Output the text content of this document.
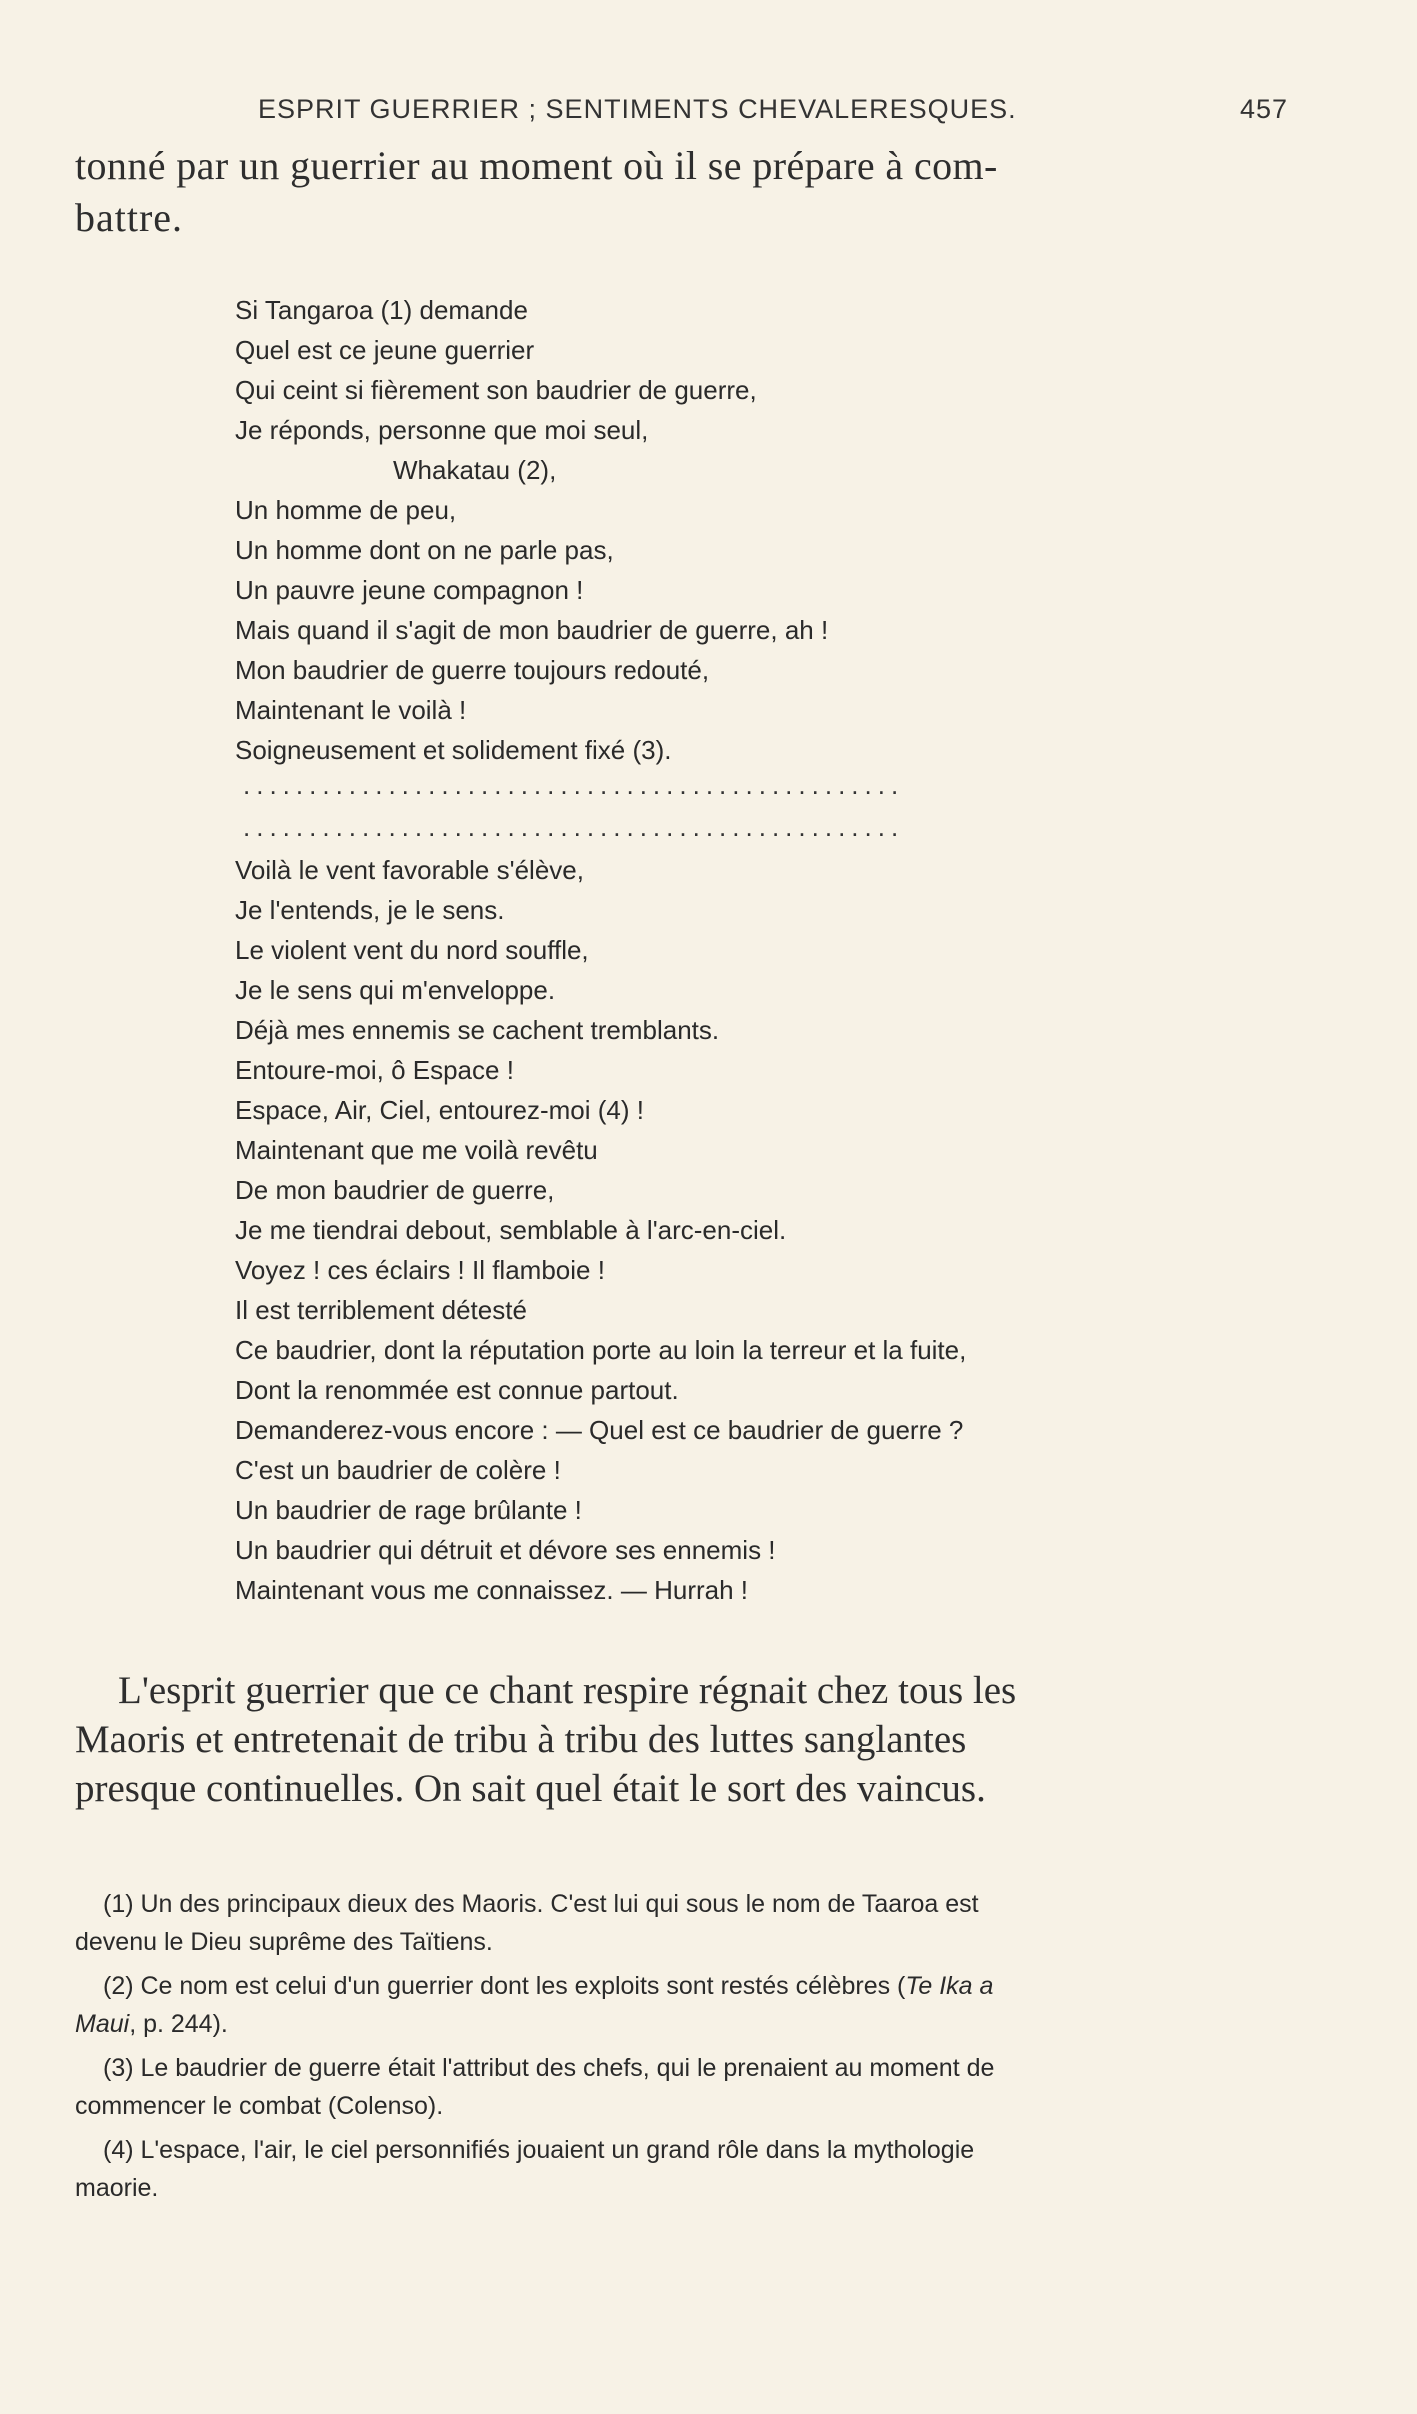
ESPRIT GUERRIER ; SENTIMENTS CHEVALERESQUES.	457
tonné par un guerrier au moment où il se prépare à com-
battre.
Si Tangaroa (1) demande
Quel est ce jeune guerrier
Qui ceint si fièrement son baudrier de guerre,
Je réponds, personne que moi seul,
Whakatau (2),
Un homme de peu,
Un homme dont on ne parle pas,
Un pauvre jeune compagnon !
Mais quand il s'agit de mon baudrier de guerre, ah !
Mon baudrier de guerre toujours redouté,
Maintenant le voilà !
Soigneusement et solidement fixé (3).
..................................................
..................................................
Voilà le vent favorable s'élève,
Je l'entends, je le sens.
Le violent vent du nord souffle,
Je le sens qui m'enveloppe.
Déjà mes ennemis se cachent tremblants.
Entoure-moi, ô Espace !
Espace, Air, Ciel, entourez-moi (4) !
Maintenant que me voilà revêtu
De mon baudrier de guerre,
Je me tiendrai debout, semblable à l'arc-en-ciel.
Voyez ! ces éclairs ! Il flamboie !
Il est terriblement détesté
Ce baudrier, dont la réputation porte au loin la terreur et la fuite,
Dont la renommée est connue partout.
Demanderez-vous encore : — Quel est ce baudrier de guerre ?
C'est un baudrier de colère !
Un baudrier de rage brûlante !
Un baudrier qui détruit et dévore ses ennemis !
Maintenant vous me connaissez. — Hurrah !
L'esprit guerrier que ce chant respire régnait chez tous les
Maoris et entretenait de tribu à tribu des luttes sanglantes
presque continuelles. On sait quel était le sort des vaincus.
(1) Un des principaux dieux des Maoris. C'est lui qui sous le nom de Taaroa est
devenu le Dieu suprême des Taïtiens.
(2) Ce nom est celui d'un guerrier dont les exploits sont restés célèbres (Te Ika a
Maui, p. 244).
(3) Le baudrier de guerre était l'attribut des chefs, qui le prenaient au moment de
commencer le combat (Colenso).
(4) L'espace, l'air, le ciel personnifiés jouaient un grand rôle dans la mythologie
maorie.
